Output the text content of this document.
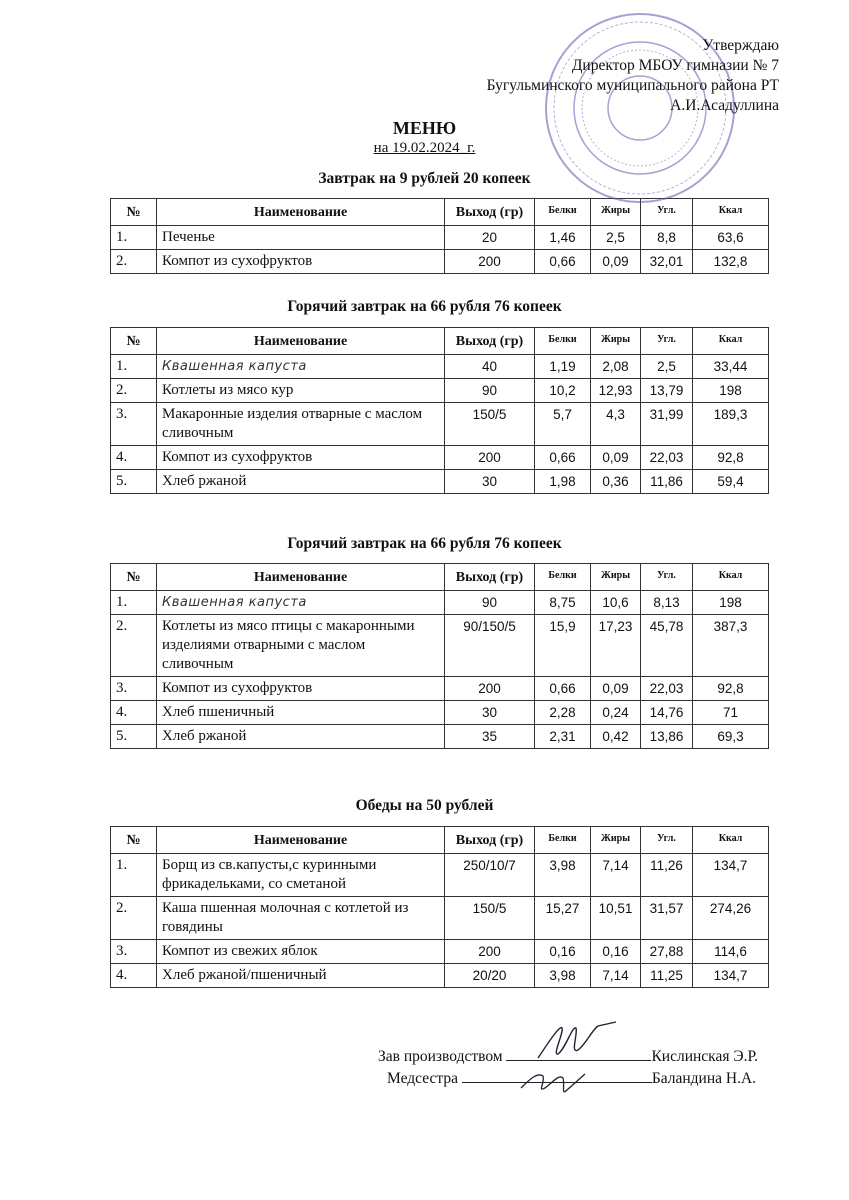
Утверждаю
Директор МБОУ гимназии № 7
Бугульминского муниципального района РТ
А.И.Асадуллина
МЕНЮ
на 19.02.2024_г.
Завтрак на 9 рублей 20 копеек
№	Наименование	Выход (гр)	Белки	Жиры	Угл.	Ккал
1.	Печенье	20	1,46	2,5	8,8	63,6
2.	Компот из сухофруктов	200	0,66	0,09	32,01	132,8
Горячий завтрак на 66 рубля 76 копеек
№	Наименование	Выход (гр)	Белки	Жиры	Угл.	Ккал
1.	Квашенная капуста	40	1,19	2,08	2,5	33,44
2.	Котлеты из мясо кур	90	10,2	12,93	13,79	198
3.	Макаронные изделия отварные с маслом сливочным	150/5	5,7	4,3	31,99	189,3
4.	Компот из сухофруктов	200	0,66	0,09	22,03	92,8
5.	Хлеб ржаной	30	1,98	0,36	11,86	59,4
Горячий завтрак на 66 рубля 76 копеек
№	Наименование	Выход (гр)	Белки	Жиры	Угл.	Ккал
1.	Квашенная капуста	90	8,75	10,6	8,13	198
2.	Котлеты из мясо птицы с макаронными изделиями отварными с маслом сливочным	90/150/5	15,9	17,23	45,78	387,3
3.	Компот из сухофруктов	200	0,66	0,09	22,03	92,8
4.	Хлеб пшеничный	30	2,28	0,24	14,76	71
5.	Хлеб ржаной	35	2,31	0,42	13,86	69,3
Обеды на 50 рублей
№	Наименование	Выход (гр)	Белки	Жиры	Угл.	Ккал
1.	Борщ из св.капусты,с куринными фрикадельками, со сметаной	250/10/7	3,98	7,14	11,26	134,7
2.	Каша пшенная молочная с котлетой из говядины	150/5	15,27	10,51	31,57	274,26
3.	Компот из свежих яблок	200	0,16	0,16	27,88	114,6
4.	Хлеб ржаной/пшеничный	20/20	3,98	7,14	11,25	134,7
Зав производством	Кислинская Э.Р.
Медсестра	Баландина Н.А.
